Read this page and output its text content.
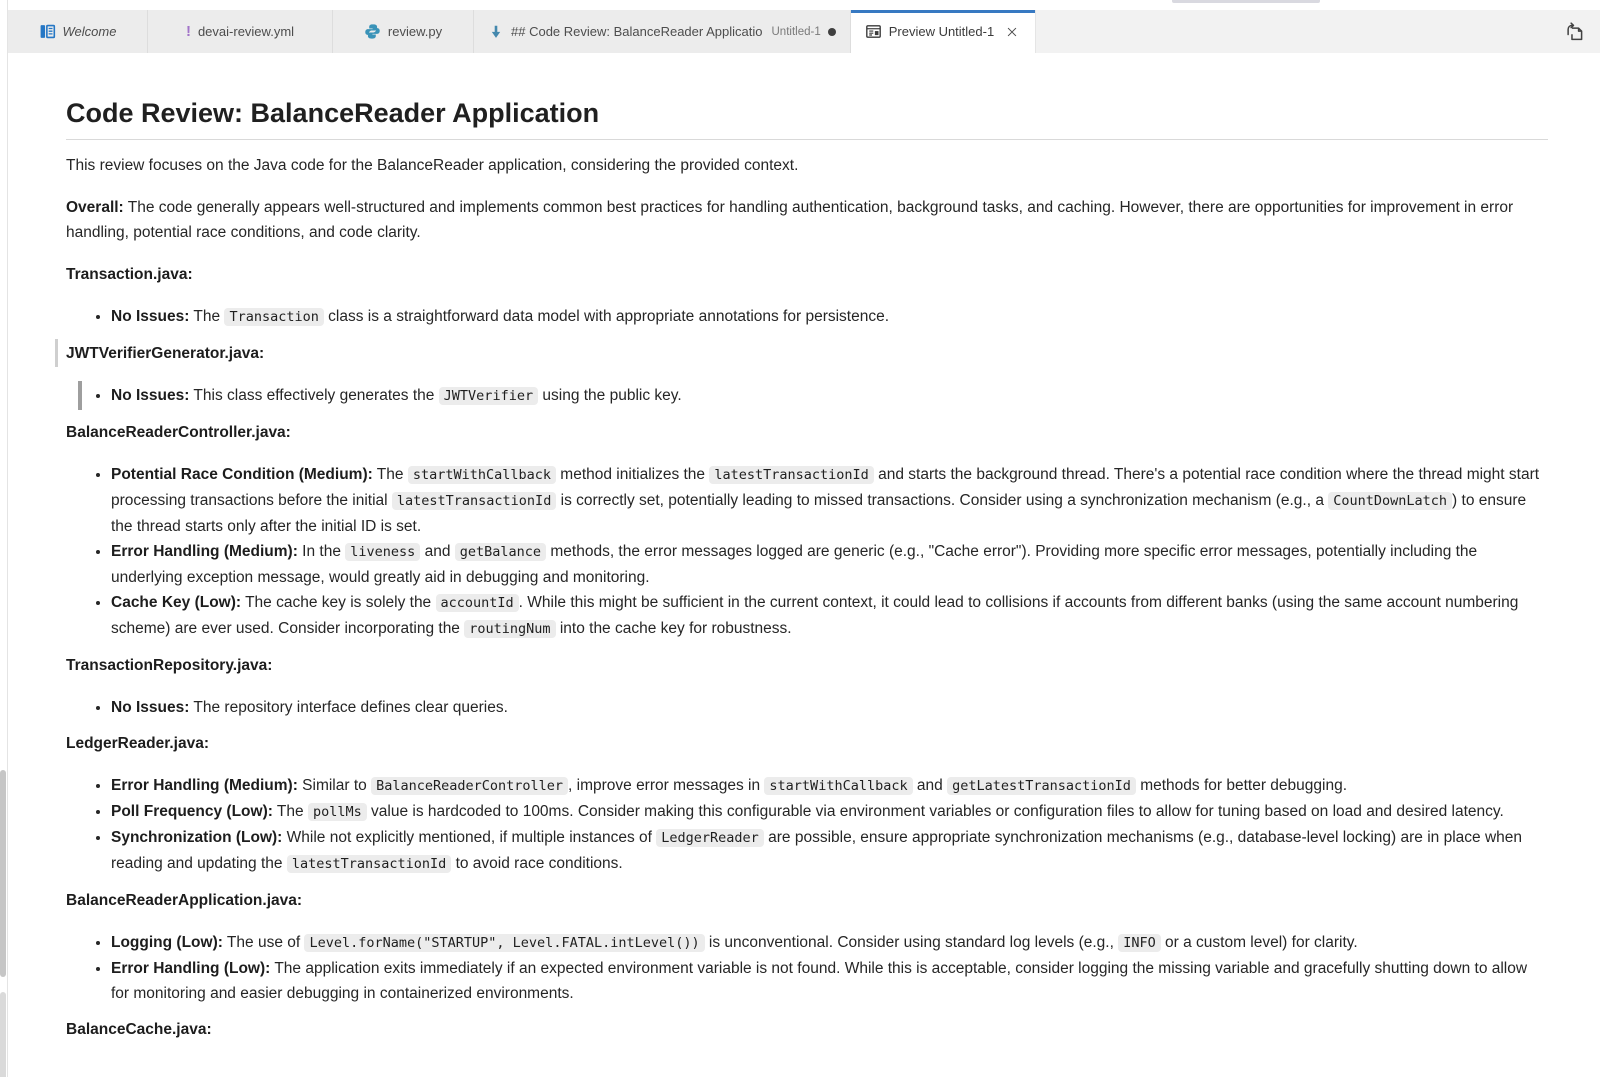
Welcome	! devai-review.yml	review.py	## Code Review: BalanceReader Applicatio Untitled-1	Preview Untitled-1
Code Review: BalanceReader Application

This review focuses on the Java code for the BalanceReader application, considering the provided context.

Overall: The code generally appears well-structured and implements common best practices for handling authentication, background tasks, and caching. However, there are opportunities for improvement in error handling, potential race conditions, and code clarity.

Transaction.java:

• No Issues: The Transaction class is a straightforward data model with appropriate annotations for persistence.

JWTVerifierGenerator.java:

• No Issues: This class effectively generates the JWTVerifier using the public key.

BalanceReaderController.java:

• Potential Race Condition (Medium): The startWithCallback method initializes the latestTransactionId and starts the background thread. There's a potential race condition where the thread might start processing transactions before the initial latestTransactionId is correctly set, potentially leading to missed transactions. Consider using a synchronization mechanism (e.g., a CountDownLatch ) to ensure the thread starts only after the initial ID is set.
• Error Handling (Medium): In the liveness and getBalance methods, the error messages logged are generic (e.g., "Cache error"). Providing more specific error messages, potentially including the underlying exception message, would greatly aid in debugging and monitoring.
• Cache Key (Low): The cache key is solely the accountId . While this might be sufficient in the current context, it could lead to collisions if accounts from different banks (using the same account numbering scheme) are ever used. Consider incorporating the routingNum into the cache key for robustness.

TransactionRepository.java:

• No Issues: The repository interface defines clear queries.

LedgerReader.java:

• Error Handling (Medium): Similar to BalanceReaderController , improve error messages in startWithCallback and getLatestTransactionId methods for better debugging.
• Poll Frequency (Low): The pollMs value is hardcoded to 100ms. Consider making this configurable via environment variables or configuration files to allow for tuning based on load and desired latency.
• Synchronization (Low): While not explicitly mentioned, if multiple instances of LedgerReader are possible, ensure appropriate synchronization mechanisms (e.g., database-level locking) are in place when reading and updating the latestTransactionId to avoid race conditions.

BalanceReaderApplication.java:

• Logging (Low): The use of Level.forName("STARTUP", Level.FATAL.intLevel()) is unconventional. Consider using standard log levels (e.g., INFO or a custom level) for clarity.
• Error Handling (Low): The application exits immediately if an expected environment variable is not found. While this is acceptable, consider logging the missing variable and gracefully shutting down to allow for monitoring and easier debugging in containerized environments.

BalanceCache.java:
